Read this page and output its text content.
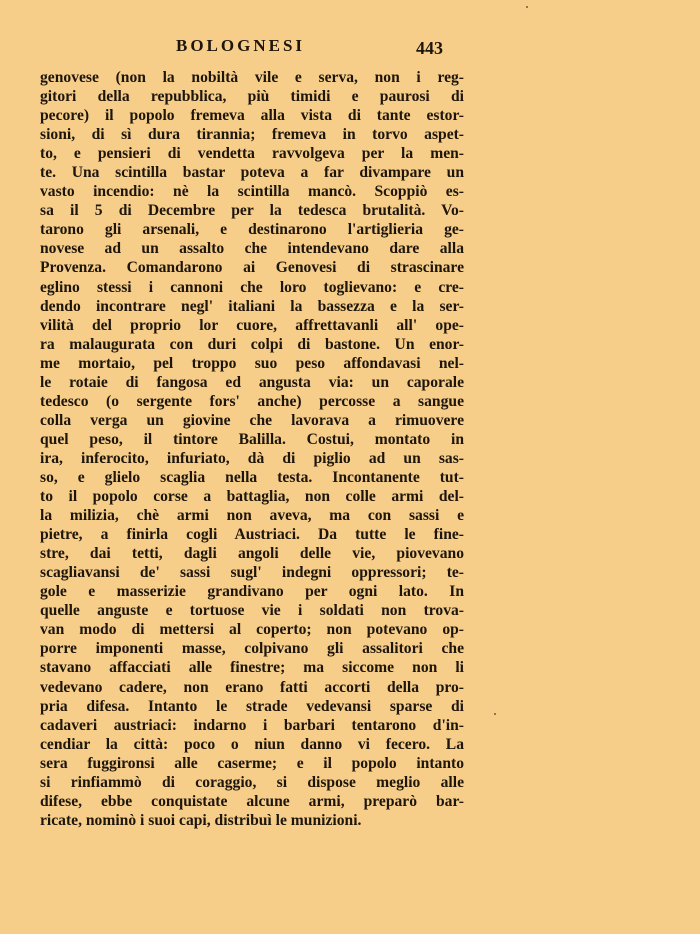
BOLOGNESI	443
genovese (non la nobiltà vile e serva, non i reg-
gitori della repubblica, più timidi e paurosi di
pecore) il popolo fremeva alla vista di tante estor-
sioni, di sì dura tirannia; fremeva in torvo aspet-
to, e pensieri di vendetta ravvolgeva per la men-
te. Una scintilla bastar poteva a far divampare un
vasto incendio: nè la scintilla mancò. Scoppiò es-
sa il 5 di Decembre per la tedesca brutalità. Vo-
tarono gli arsenali, e destinarono l'artiglieria ge-
novese ad un assalto che intendevano dare alla
Provenza. Comandarono ai Genovesi di strascinare
eglino stessi i cannoni che loro toglievano: e cre-
dendo incontrare negl' italiani la bassezza e la ser-
vilità del proprio lor cuore, affrettavanli all' ope-
ra malaugurata con duri colpi di bastone. Un enor-
me mortaio, pel troppo suo peso affondavasi nel-
le rotaie di fangosa ed angusta via: un caporale
tedesco (o sergente fors' anche) percosse a sangue
colla verga un giovine che lavorava a rimuovere
quel peso, il tintore Balilla. Costui, montato in
ira, inferocito, infuriato, dà di piglio ad un sas-
so, e glielo scaglia nella testa. Incontanente tut-
to il popolo corse a battaglia, non colle armi del-
la milizia, chè armi non aveva, ma con sassi e
pietre, a finirla cogli Austriaci. Da tutte le fine-
stre, dai tetti, dagli angoli delle vie, piovevano
scagliavansi de' sassi sugl' indegni oppressori; te-
gole e masserizie grandivano per ogni lato. In
quelle anguste e tortuose vie i soldati non trova-
van modo di mettersi al coperto; non potevano op-
porre imponenti masse, colpivano gli assalitori che
stavano affacciati alle finestre; ma siccome non li
vedevano cadere, non erano fatti accorti della pro-
pria difesa. Intanto le strade vedevansi sparse di
cadaveri austriaci: indarno i barbari tentarono d'in-
cendiar la città: poco o niun danno vi fecero. La
sera fuggironsi alle caserme; e il popolo intanto
si rinfiammò di coraggio, si dispose meglio alle
difese, ebbe conquistate alcune armi, preparò bar-
ricate, nominò i suoi capi, distribuì le munizioni.
